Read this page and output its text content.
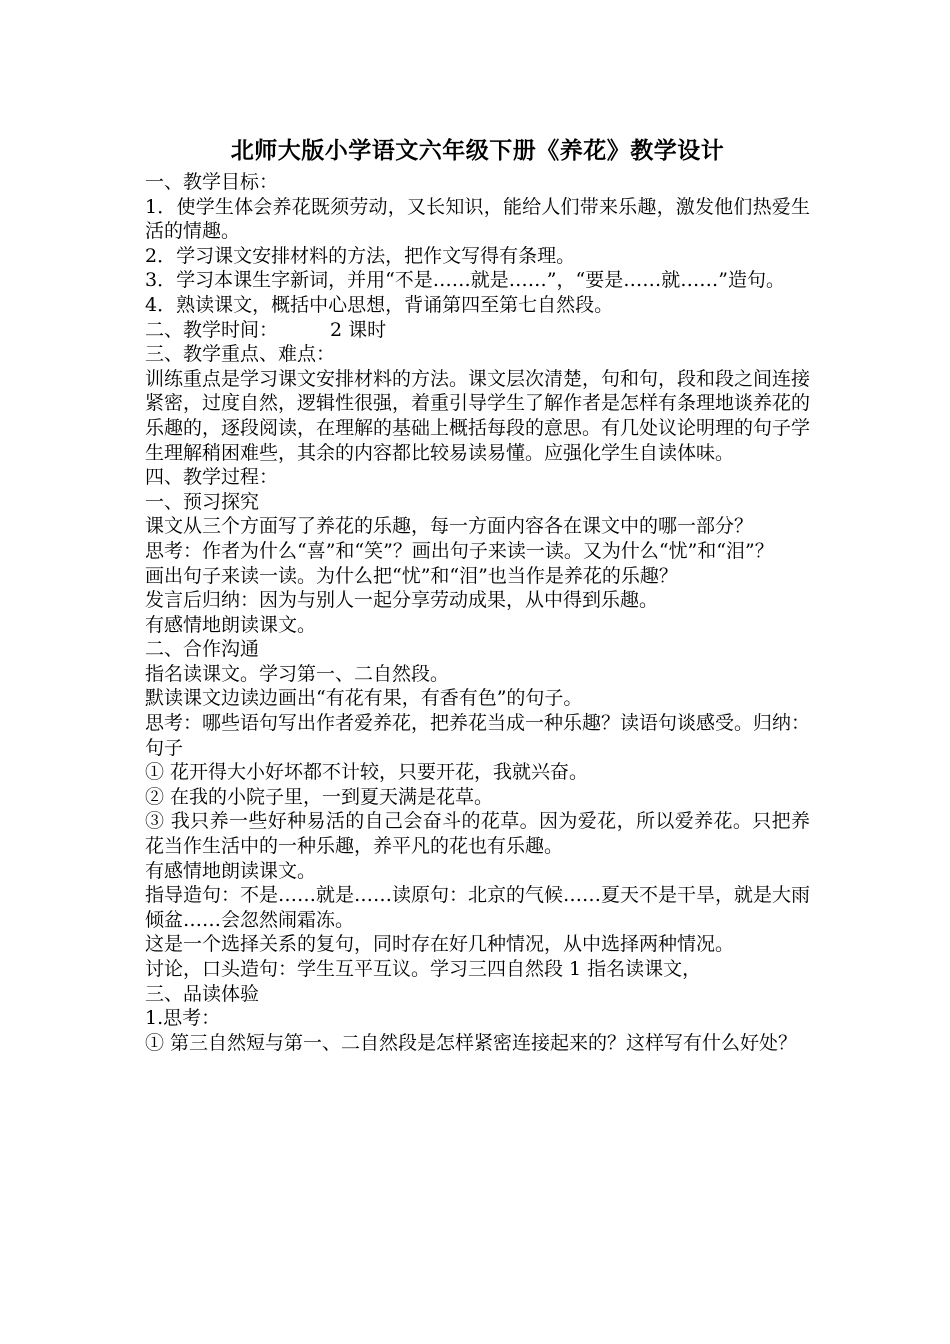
北师大版小学语文六年级下册《养花》教学设计

一、教学目标：

1．使学生体会养花既须劳动，又长知识，能给人们带来乐趣，激发他们热爱生活的情趣。

2．学习课文安排材料的方法，把作文写得有条理。

3．学习本课生字新词，并用“不是……就是……”，“要是……就……”造句。

4．熟读课文，概括中心思想，背诵第四至第七自然段。

二、教学时间：	2 课时

三、教学重点、难点：

训练重点是学习课文安排材料的方法。课文层次清楚，句和句，段和段之间连接紧密，过度自然，逻辑性很强，着重引导学生了解作者是怎样有条理地谈养花的乐趣的，逐段阅读，在理解的基础上概括每段的意思。有几处议论明理的句子学生理解稍困难些，其余的内容都比较易读易懂。应强化学生自读体味。

四、教学过程：

一、预习探究

课文从三个方面写了养花的乐趣，每一方面内容各在课文中的哪一部分？

思考：作者为什么“喜”和“笑”？画出句子来读一读。又为什么“忧”和“泪”？

画出句子来读一读。为什么把“忧”和“泪”也当作是养花的乐趣？

发言后归纳：因为与别人一起分享劳动成果，从中得到乐趣。

有感情地朗读课文。

二、合作沟通

指名读课文。学习第一、二自然段。

默读课文边读边画出“有花有果，有香有色”的句子。

思考：哪些语句写出作者爱养花，把养花当成一种乐趣？读语句谈感受。归纳：句子

① 花开得大小好坏都不计较，只要开花，我就兴奋。

② 在我的小院子里，一到夏天满是花草。

③ 我只养一些好种易活的自己会奋斗的花草。因为爱花，所以爱养花。只把养花当作生活中的一种乐趣，养平凡的花也有乐趣。

有感情地朗读课文。

指导造句：不是……就是……读原句：北京的气候……夏天不是干旱，就是大雨倾盆……会忽然闹霜冻。

这是一个选择关系的复句，同时存在好几种情况，从中选择两种情况。

讨论，口头造句：学生互平互议。学习三四自然段 1 指名读课文，

三、品读体验

1.思考：

① 第三自然短与第一、二自然段是怎样紧密连接起来的？这样写有什么好处？
